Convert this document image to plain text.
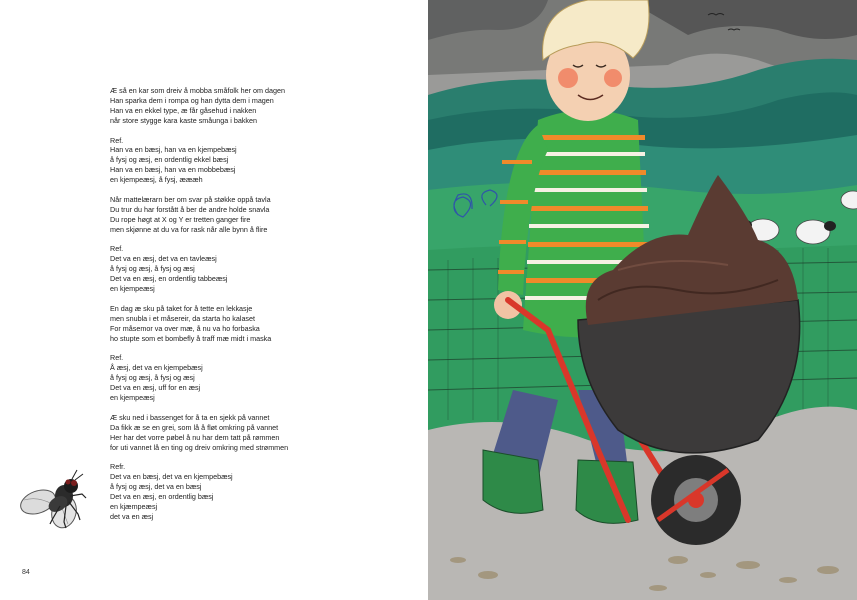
Æ så en kar som dreiv å mobba småfolk her om dagen
Han sparka dem i rompa og han dytta dem i magen
Han va en ekkel type, æ får gåsehud i nakken
når store stygge kara kaste småunga i bakken
Ref.
Han va en bæsj, han va en kjempebæsj
å fysj og æsj, en ordentlig ekkel bæsj
Han va en bæsj, han va en mobbebæsj
en kjempeæsj, å fysj, æææh
Når mattelærarn ber om svar på støkke oppå tavla
Du trur du har forstått å ber de andre holde snavla
Du rope høgt at X og Y er tretten ganger fire
men skjønne at du va for rask når alle bynn å flire
Ref.
Det va en æsj, det va en tavleæsj
å fysj og æsj, å fysj og æsj
Det va en æsj, en ordentlig tabbeæsj
en kjempeæsj
En dag æ sku på taket for å tette en lekkasje
men snubla i et måsereir, da starta ho kalaset
For måsemor va over mæ, å nu va ho forbaska
ho stupte som et bombefly å traff mæ midt i maska
Ref.
Å æsj, det va en kjempebæsj
å fysj og æsj, å fysj og æsj
Det va en æsj, uff for en æsj
en kjempeæsj
Æ sku ned i bassenget for å ta en sjekk på vannet
Da fikk æ se en grei, som lå å fløt omkring på vannet
Her har det vorre pøbel å nu har dem tatt på rømmen
for uti vannet lå en ting og dreiv omkring med strømmen
Refr.
Det va en bæsj, det va en kjempebæsj
å fysj og æsj, det va en bæsj
Det va en æsj, en ordentlig bæsj
en kjæmpeæsj
det va en æsj
84
